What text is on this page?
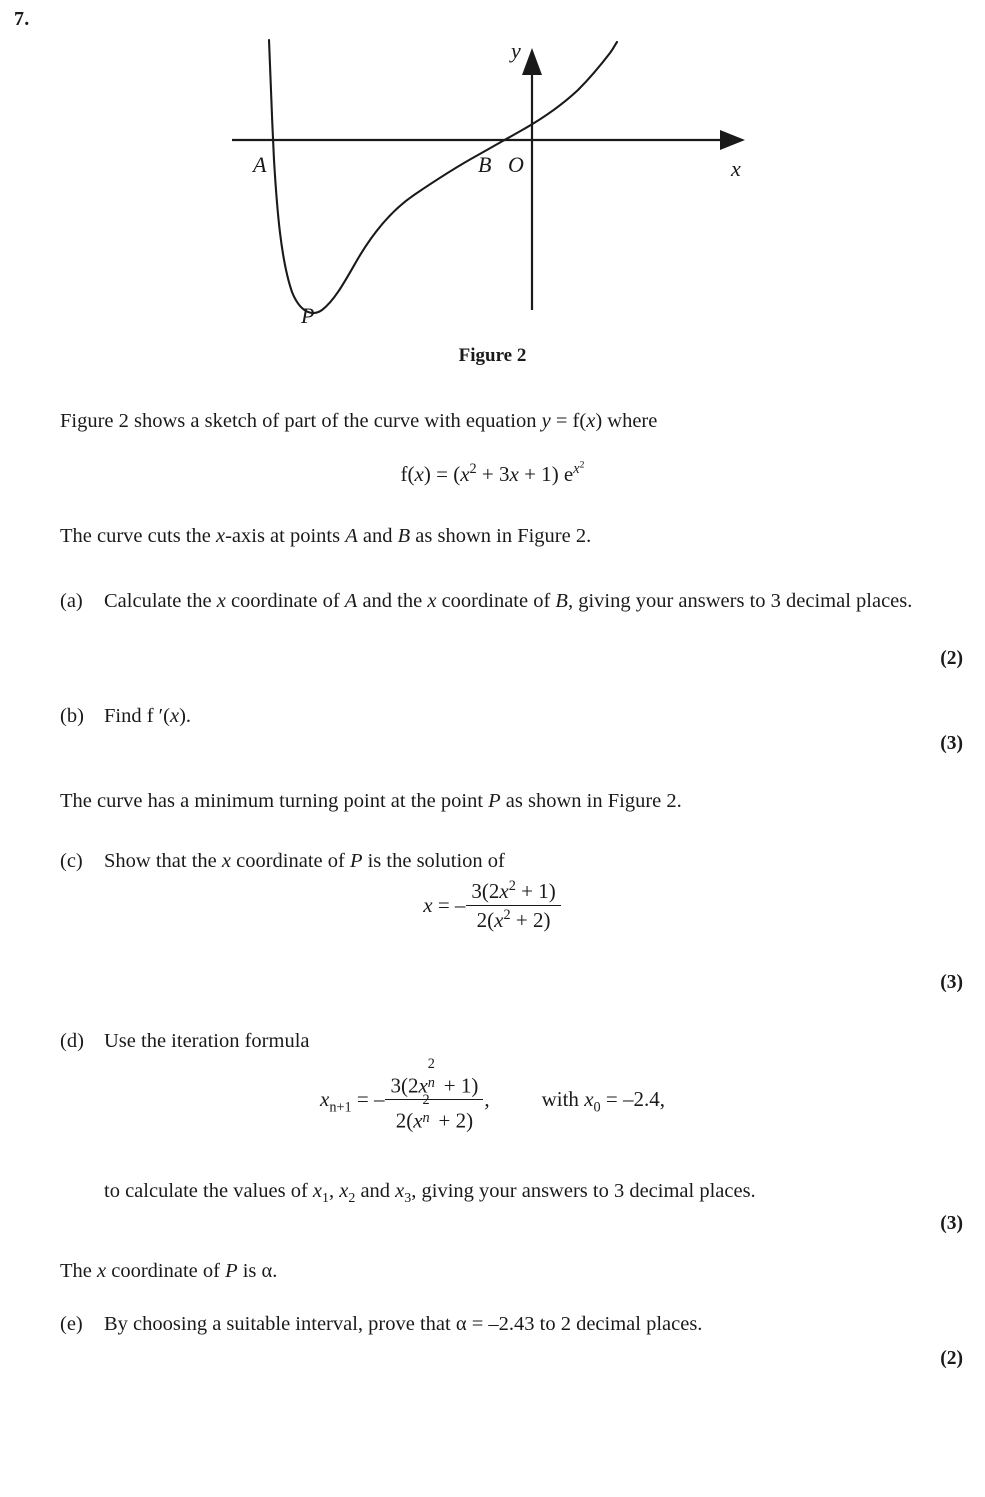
7.
A	B O
P
y
x
Figure 2
Figure 2 shows a sketch of part of the curve with equation y = f(x) where
$f(x) = (x^2 + 3x + 1)$ $e^{x^2}$
The curve cuts the x-axis at points A and B as shown in Figure 2.
(a)	Calculate the x coordinate of A and the x coordinate of B, giving your answers to 3 decimal places.
(2)
(b) Find f ′(x).
(3)
The curve has a minimum turning point at the point P as shown in Figure 2.
(c)	Show that the x coordinate of P is the solution of
x = – $\frac{3(2x^2 + 1)}{2(x^2 + 2)}$
(3)
(d) Use the iteration formula
$x_{n+1}$ = – 3(2x
2
n + 1)
2(x
2
n + 2) , with $x_0 = -2.4$,
to calculate the values of $x_1$, $x_2$ and $x_3$, giving your answers to 3 decimal places.
(3)
The x coordinate of P is α.
(e)	By choosing a suitable interval, prove that α = –2.43 to 2 decimal places.
(2)
